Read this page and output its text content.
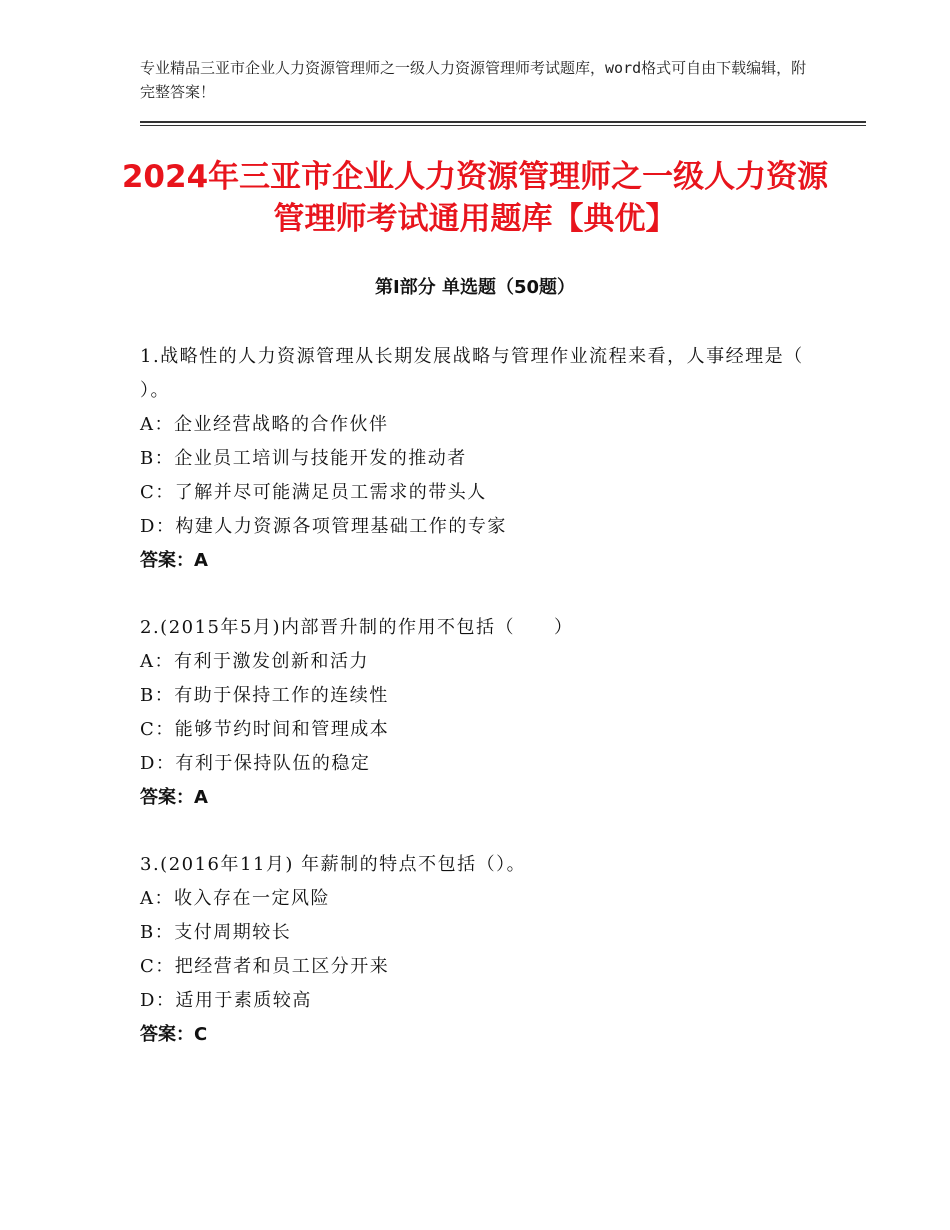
专业精品三亚市企业人力资源管理师之一级人力资源管理师考试题库，word格式可自由下载编辑，附完整答案！
2024年三亚市企业人力资源管理师之一级人力资源管理师考试通用题库【典优】
第Ⅰ部分 单选题（50题）
1.战略性的人力资源管理从长期发展战略与管理作业流程来看，人事经理是（ ）。
A：企业经营战略的合作伙伴
B：企业员工培训与技能开发的推动者
C：了解并尽可能满足员工需求的带头人
D：构建人力资源各项管理基础工作的专家
答案：A
2.(2015年5月)内部晋升制的作用不包括（　　）
A：有利于激发创新和活力
B：有助于保持工作的连续性
C：能够节约时间和管理成本
D：有利于保持队伍的稳定
答案：A
3.(2016年11月) 年薪制的特点不包括（）。
A：收入存在一定风险
B：支付周期较长
C：把经营者和员工区分开来
D：适用于素质较高
答案：C
